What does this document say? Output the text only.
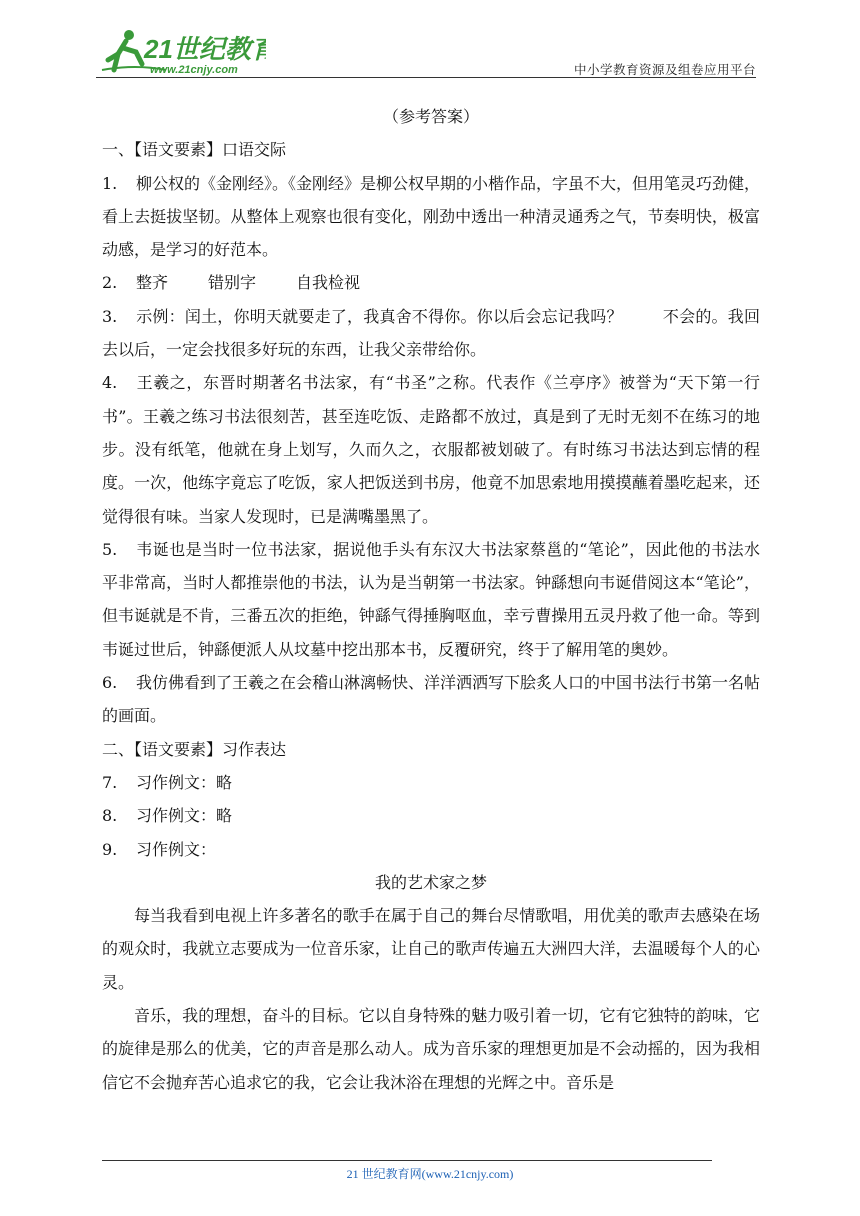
21世纪教育
www.21cnjy.com	中小学教育资源及组卷应用平台

（参考答案）

一、【语文要素】口语交际

1. 柳公权的《金刚经》。《金刚经》是柳公权早期的小楷作品，字虽不大，但用笔灵巧劲健，看上去挺拔坚韧。从整体上观察也很有变化，刚劲中透出一种清灵通秀之气，节奏明快，极富动感，是学习的好范本。

2. 整齐	错别字	自我检视

3. 示例：闰土，你明天就要走了，我真舍不得你。你以后会忘记我吗？	不会的。我回去以后，一定会找很多好玩的东西，让我父亲带给你。

4. 王羲之，东晋时期著名书法家，有“书圣”之称。代表作《兰亭序》被誉为“天下第一行书”。王羲之练习书法很刻苦，甚至连吃饭、走路都不放过，真是到了无时无刻不在练习的地步。没有纸笔，他就在身上划写，久而久之，衣服都被划破了。有时练习书法达到忘情的程度。一次，他练字竟忘了吃饭，家人把饭送到书房，他竟不加思索地用摸摸蘸着墨吃起来，还觉得很有味。当家人发现时，已是满嘴墨黑了。

5. 韦诞也是当时一位书法家，据说他手头有东汉大书法家蔡邕的“笔论”，因此他的书法水平非常高，当时人都推崇他的书法，认为是当朝第一书法家。钟繇想向韦诞借阅这本“笔论”，但韦诞就是不肯，三番五次的拒绝，钟繇气得捶胸呕血，幸亏曹操用五灵丹救了他一命。等到韦诞过世后，钟繇便派人从坟墓中挖出那本书，反覆研究，终于了解用笔的奥妙。

6. 我仿佛看到了王羲之在会稽山淋漓畅快、洋洋洒洒写下脍炙人口的中国书法行书第一名帖的画面。

二、【语文要素】习作表达

7. 习作例文：略

8. 习作例文：略

9. 习作例文：

我的艺术家之梦

每当我看到电视上许多著名的歌手在属于自己的舞台尽情歌唱，用优美的歌声去感染在场的观众时，我就立志要成为一位音乐家，让自己的歌声传遍五大洲四大洋，去温暖每个人的心灵。

音乐，我的理想，奋斗的目标。它以自身特殊的魅力吸引着一切，它有它独特的韵味，它的旋律是那么的优美，它的声音是那么动人。成为音乐家的理想更加是不会动摇的，因为我相信它不会抛弃苦心追求它的我，它会让我沐浴在理想的光辉之中。音乐是

21 世纪教育网(www.21cnjy.com)
